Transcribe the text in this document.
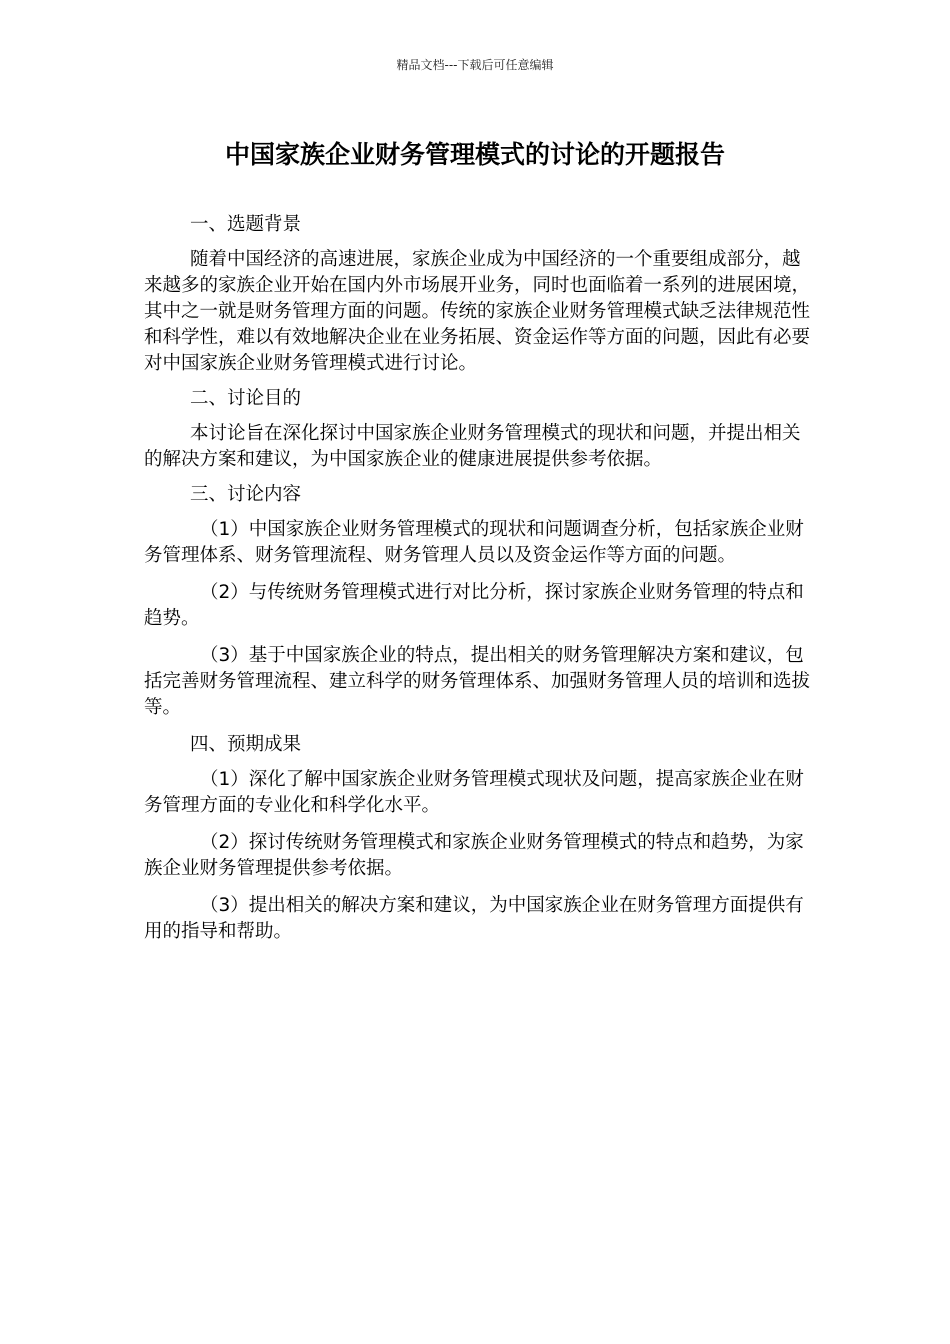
精品文档---下载后可任意编辑
中国家族企业财务管理模式的讨论的开题报告

一、选题背景

随着中国经济的高速进展，家族企业成为中国经济的一个重要组成部分，越来越多的家族企业开始在国内外市场展开业务，同时也面临着一系列的进展困境，其中之一就是财务管理方面的问题。传统的家族企业财务管理模式缺乏法律规范性和科学性，难以有效地解决企业在业务拓展、资金运作等方面的问题，因此有必要对中国家族企业财务管理模式进行讨论。

二、讨论目的

本讨论旨在深化探讨中国家族企业财务管理模式的现状和问题，并提出相关的解决方案和建议，为中国家族企业的健康进展提供参考依据。

三、讨论内容

（1）中国家族企业财务管理模式的现状和问题调查分析，包括家族企业财务管理体系、财务管理流程、财务管理人员以及资金运作等方面的问题。

（2）与传统财务管理模式进行对比分析，探讨家族企业财务管理的特点和趋势。

（3）基于中国家族企业的特点，提出相关的财务管理解决方案和建议，包括完善财务管理流程、建立科学的财务管理体系、加强财务管理人员的培训和选拔等。

四、预期成果

（1）深化了解中国家族企业财务管理模式现状及问题，提高家族企业在财务管理方面的专业化和科学化水平。

（2）探讨传统财务管理模式和家族企业财务管理模式的特点和趋势，为家族企业财务管理提供参考依据。

（3）提出相关的解决方案和建议，为中国家族企业在财务管理方面提供有用的指导和帮助。
